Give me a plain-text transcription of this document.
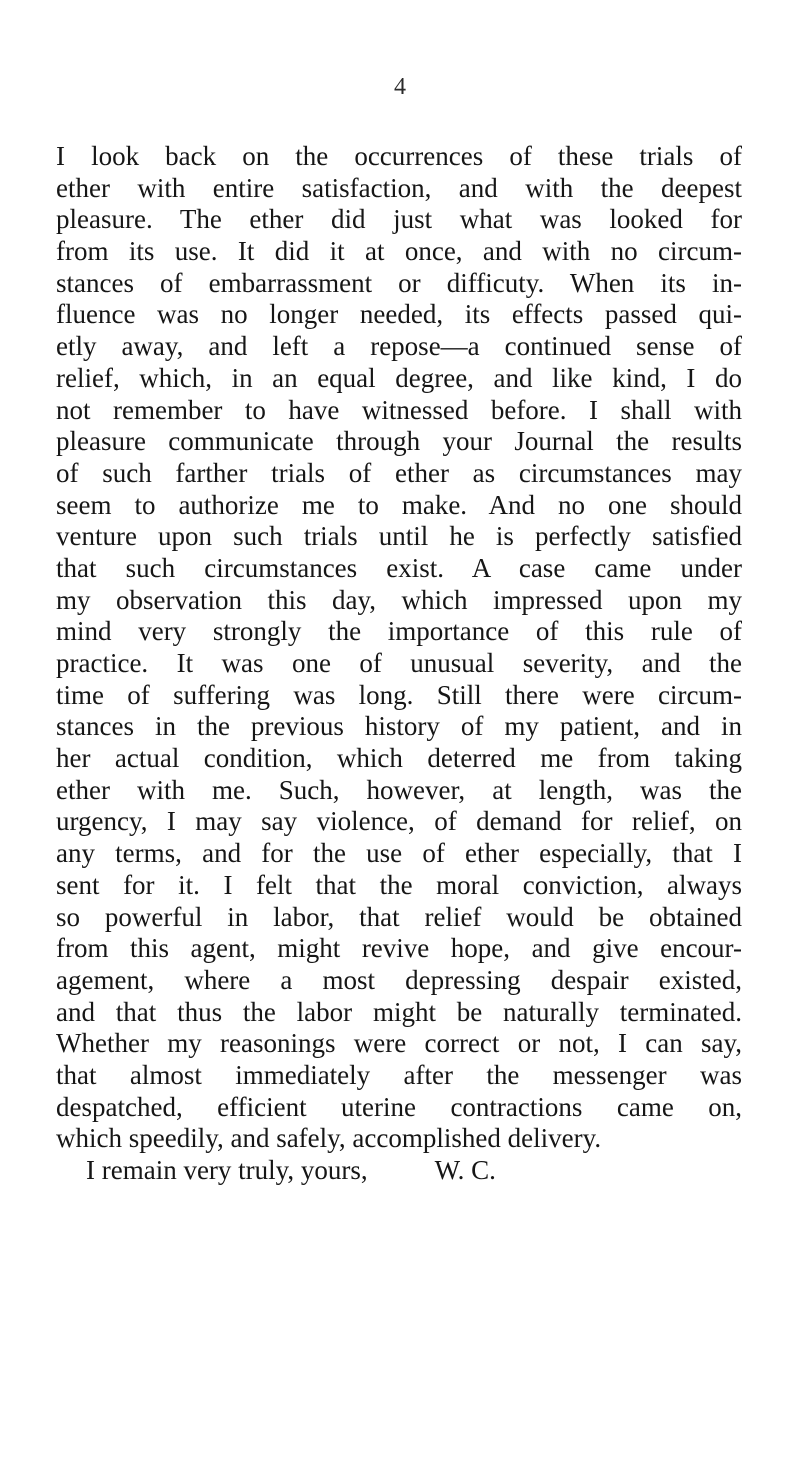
4
I look back on the occurrences of these trials of
ether with entire satisfaction, and with the deepest
pleasure. The ether did just what was looked for
from its use. It did it at once, and with no circum-
stances of embarrassment or difficuty. When its in-
fluence was no longer needed, its effects passed qui-
etly away, and left a repose—a continued sense of
relief, which, in an equal degree, and like kind, I do
not remember to have witnessed before. I shall with
pleasure communicate through your Journal the results
of such farther trials of ether as circumstances may
seem to authorize me to make. And no one should
venture upon such trials until he is perfectly satisfied
that such circumstances exist. A case came under
my observation this day, which impressed upon my
mind very strongly the importance of this rule of
practice. It was one of unusual severity, and the
time of suffering was long. Still there were circum-
stances in the previous history of my patient, and in
her actual condition, which deterred me from taking
ether with me. Such, however, at length, was the
urgency, I may say violence, of demand for relief, on
any terms, and for the use of ether especially, that I
sent for it. I felt that the moral conviction, always
so powerful in labor, that relief would be obtained
from this agent, might revive hope, and give encour-
agement, where a most depressing despair existed,
and that thus the labor might be naturally terminated.
Whether my reasonings were correct or not, I can say,
that almost immediately after the messenger was
despatched, efficient uterine contractions came on,
which speedily, and safely, accomplished delivery.
I remain very truly, yours, W. C.
